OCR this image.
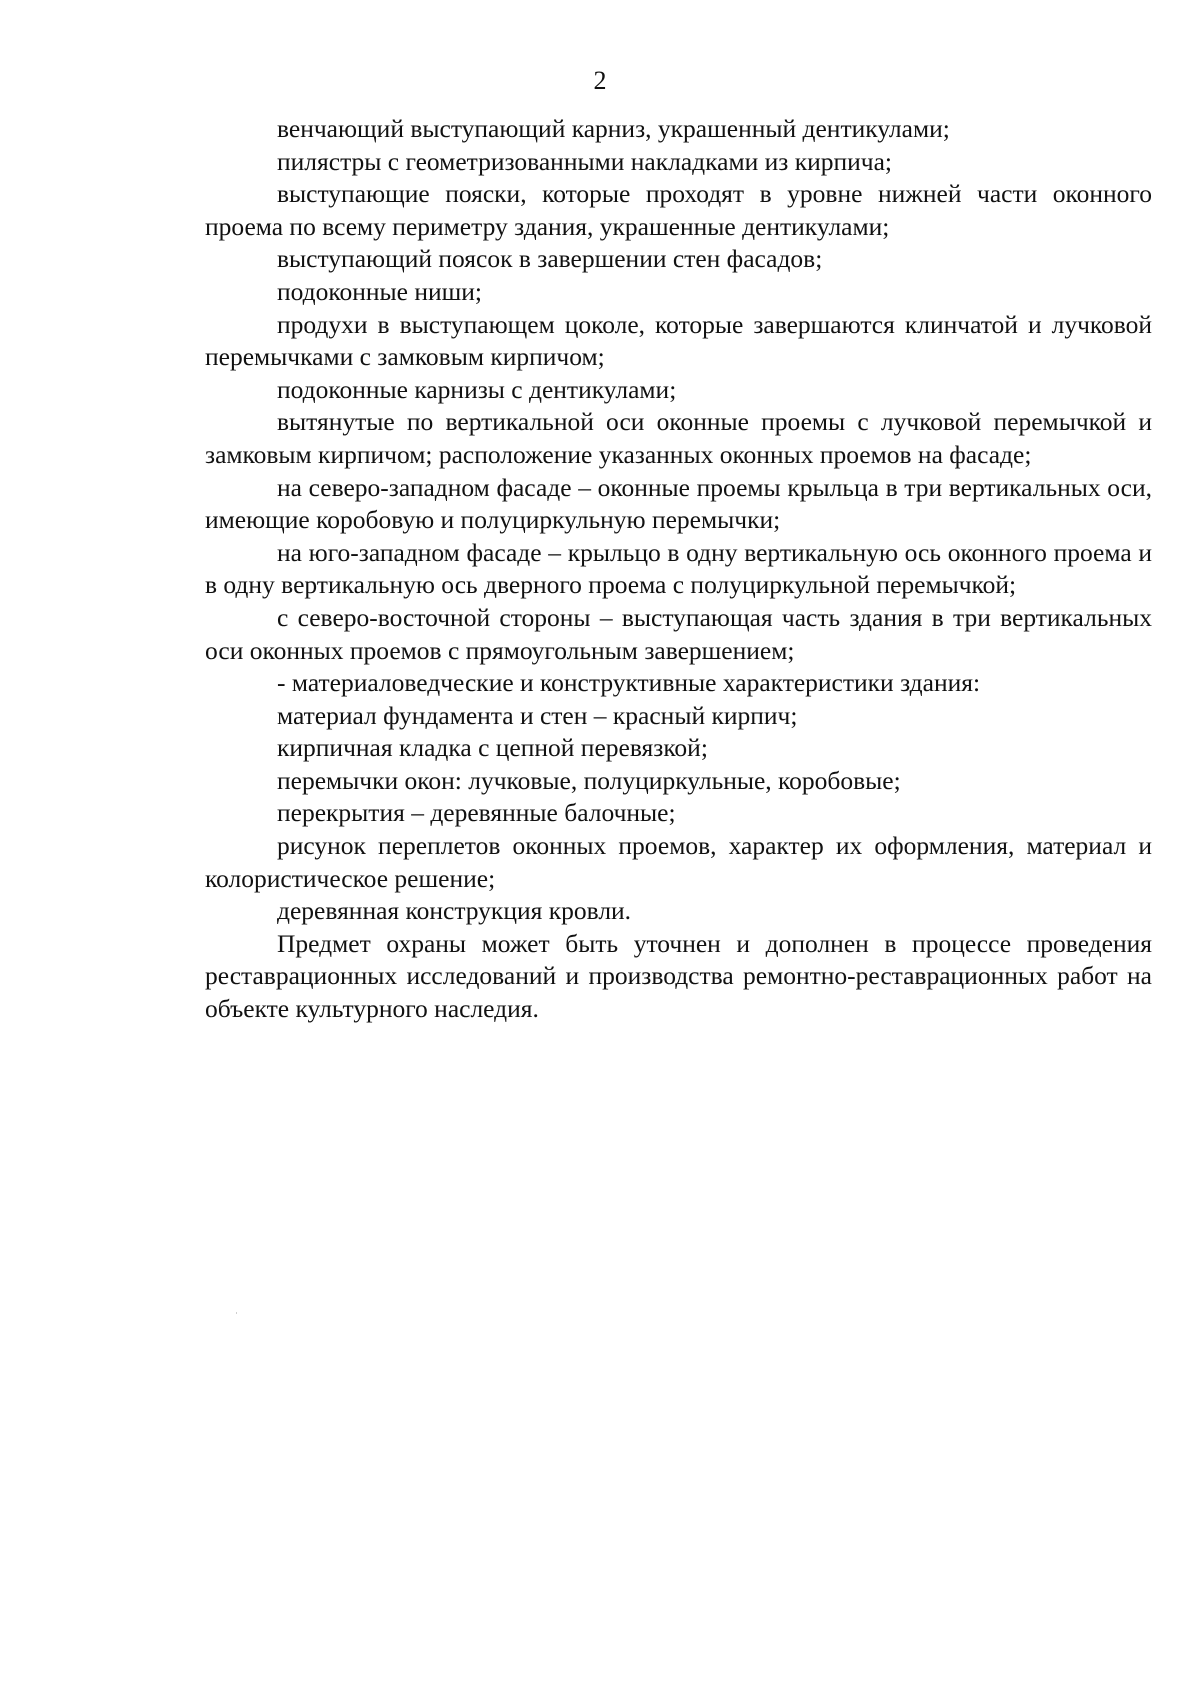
2

венчающий выступающий карниз, украшенный дентикулами;

пилястры с геометризованными накладками из кирпича;

выступающие пояски, которые проходят в уровне нижней части оконного проема по всему периметру здания, украшенные дентикулами;

выступающий поясок в завершении стен фасадов;

подоконные ниши;

продухи в выступающем цоколе, которые завершаются клинчатой и лучковой перемычками с замковым кирпичом;

подоконные карнизы с дентикулами;

вытянутые по вертикальной оси оконные проемы с лучковой перемычкой и замковым кирпичом; расположение указанных оконных проемов на фасаде;

на северо-западном фасаде – оконные проемы крыльца в три вертикальных оси, имеющие коробовую и полуциркульную перемычки;

на юго-западном фасаде – крыльцо в одну вертикальную ось оконного проема и в одну вертикальную ось дверного проема с полуциркульной перемычкой;

с северо-восточной стороны – выступающая часть здания в три вертикальных оси оконных проемов с прямоугольным завершением;

- материаловедческие и конструктивные характеристики здания:

материал фундамента и стен – красный кирпич;

кирпичная кладка с цепной перевязкой;

перемычки окон: лучковые, полуциркульные, коробовые;

перекрытия – деревянные балочные;

рисунок переплетов оконных проемов, характер их оформления, материал и колористическое решение;

деревянная конструкция кровли.

Предмет охраны может быть уточнен и дополнен в процессе проведения реставрационных исследований и производства ремонтно-реставрационных работ на объекте культурного наследия.
